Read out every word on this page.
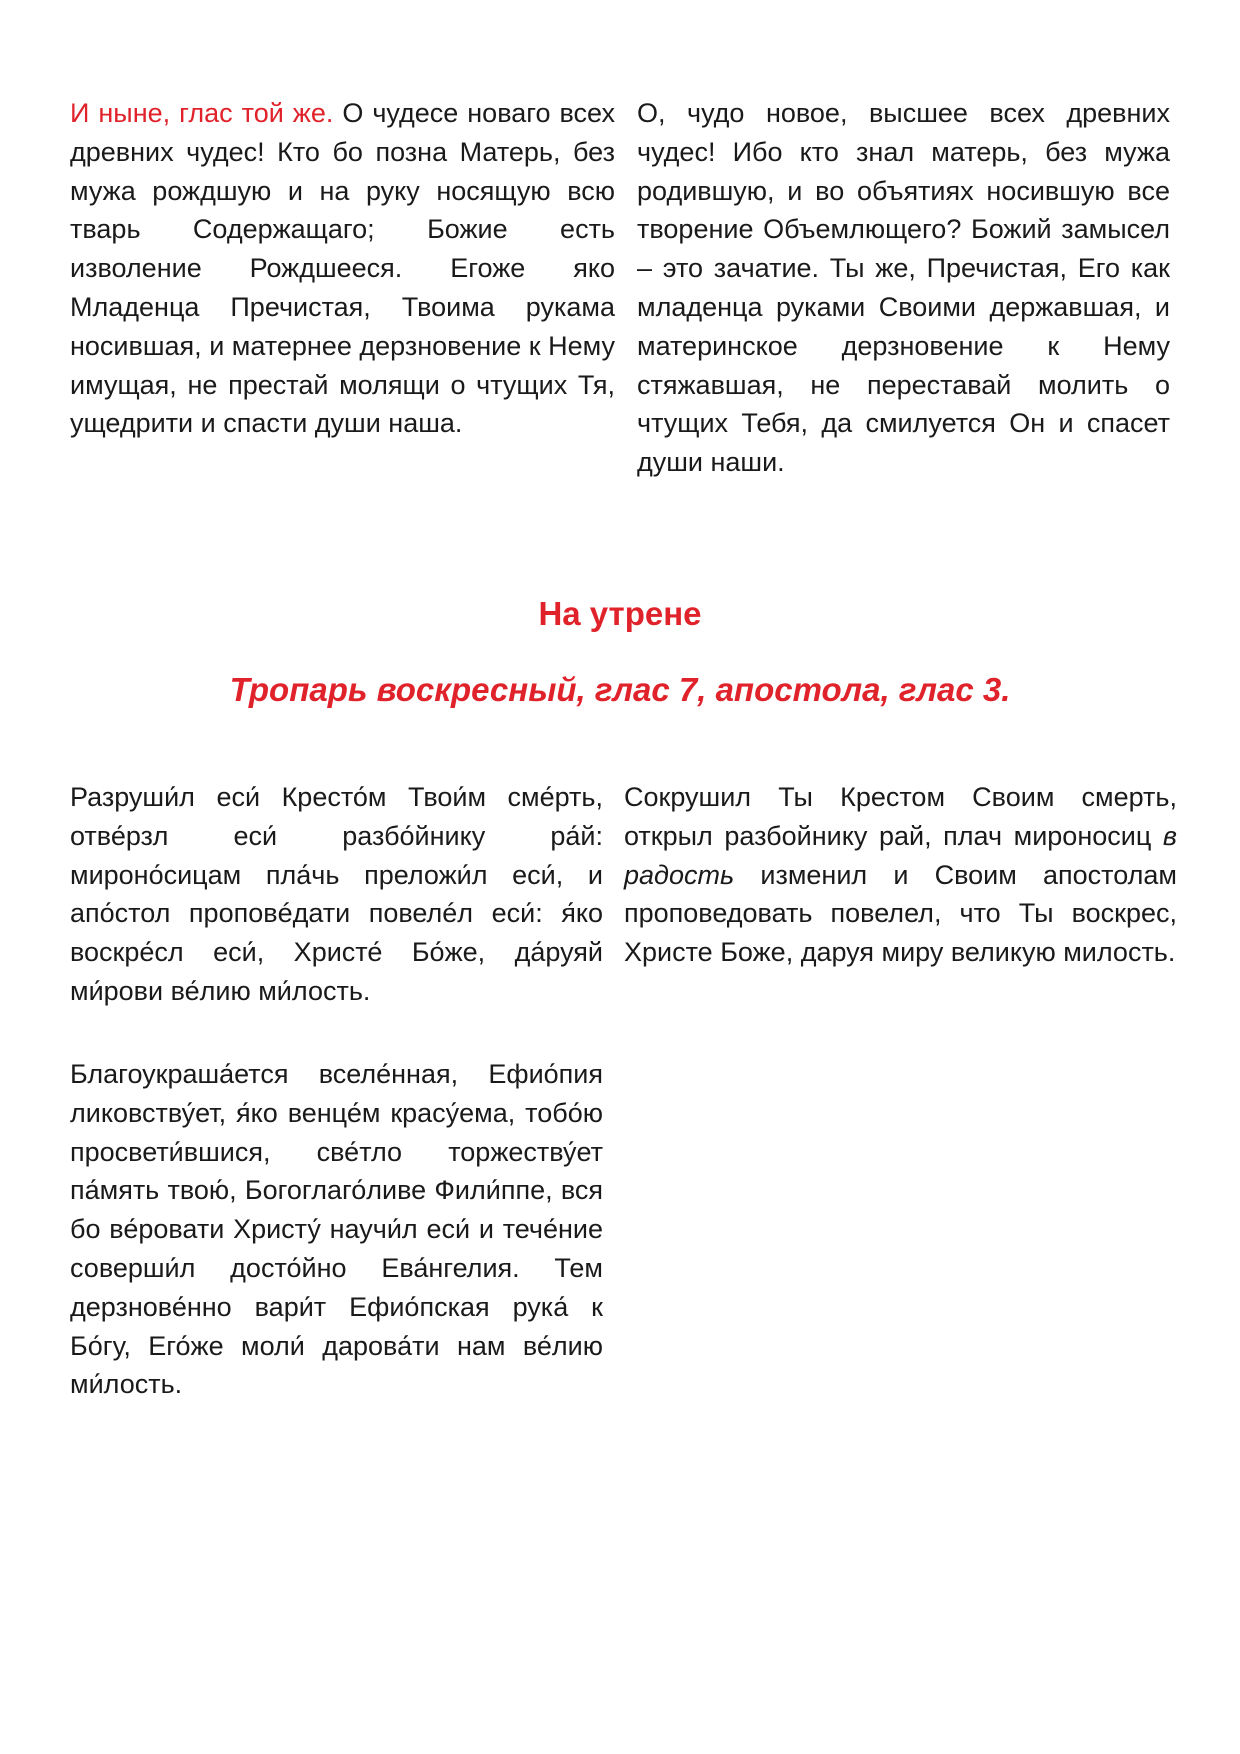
И ныне, глас той же. О чудесе новаго всех древних чудес! Кто бо позна Матерь, без мужа рождшую и на руку носящую всю тварь Содержащаго; Божие есть изволение Рождшееся. Егоже яко Младенца Пречистая, Твоима рукама носившая, и матернее дерзновение к Нему имущая, не престай молящи о чтущих Тя, ущедрити и спасти души наша.

О, чудо новое, высшее всех древних чудес! Ибо кто знал матерь, без мужа родившую, и во объятиях носившую все творение Объемлющего? Божий замысел – это зачатие. Ты же, Пречистая, Его как младенца руками Своими державшая, и материнское дерзновение к Нему стяжавшая, не переставай молить о чтущих Тебя, да смилуется Он и спасет души наши.

На утрене
Тропарь воскресный, глас 7, апостола, глас 3.

Разруши́л еси́ Кресто́м Твои́м сме́рть, отве́рзл еси́ разбо́йнику ра́й: мироно́сицам пла́чь преложи́л еси́, и апо́стол проповéдати повелéл еси́: я́ко воскре́сл еси́, Христе́ Бо́же, да́руяй ми́рови ве́лию ми́лость.

Сокрушил Ты Крестом Своим смерть, открыл разбойнику рай, плач мироносиц в радость изменил и Своим апостолам проповедовать повелел, что Ты воскрес, Христе Боже, даруя миру великую милость.

Благоукраша́ется вселе́нная, Ефио́пия ликовству́ет, я́ко венце́м красу́ема, тобо́ю просвети́вшися, све́тло торжеству́ет па́мять твою́, Богоглаго́ливе Фили́ппе, вся бо ве́ровати Христу́ научи́л еси́ и тече́ние соверши́л досто́йно Ева́нгелия. Тем дерзнове́нно вари́т Ефио́пская рука́ к Бо́гу, Его́же моли́ дарова́ти нам ве́лию ми́лость.
